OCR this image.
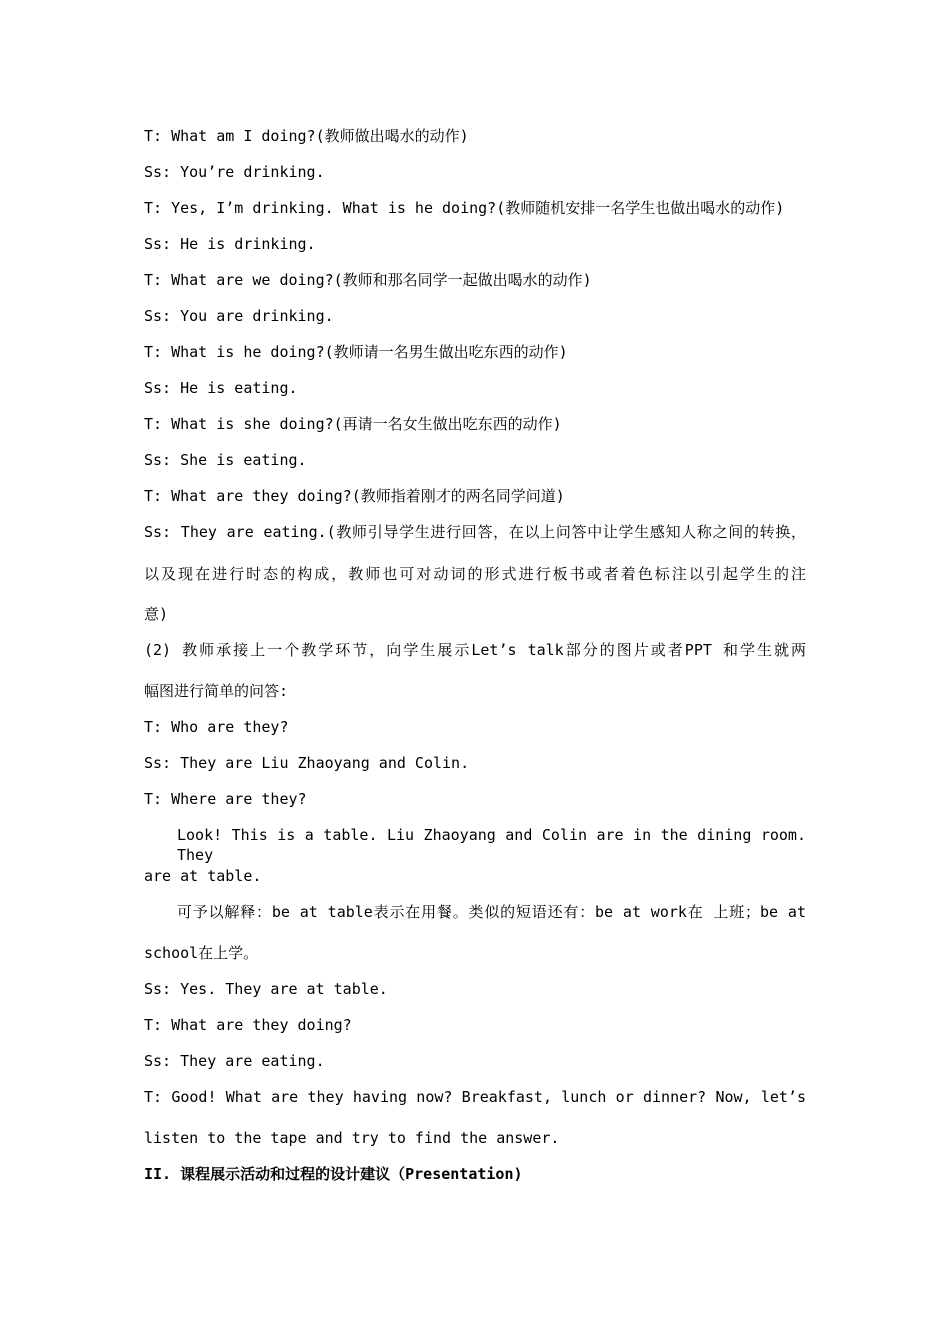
T: What am I doing?(教师做出喝水的动作)

Ss: You’re drinking.

T: Yes, I’m drinking. What is he doing?(教师随机安排一名学生也做出喝水的动作)

Ss: He is drinking.

T: What are we doing?(教师和那名同学一起做出喝水的动作)

Ss: You are drinking.

T: What is he doing?(教师请一名男生做出吃东西的动作)

Ss: He is eating.

T: What is she doing?(再请一名女生做出吃东西的动作)

Ss: She is eating.

T: What are they doing?(教师指着刚才的两名同学问道)

Ss: They are eating.(教师引导学生进行回答，在以上问答中让学生感知人称之间的转换，

以及现在进行时态的构成，教师也可对动词的形式进行板书或者着色标注以引起学生的注

意)

(2) 教师承接上一个教学环节，向学生展示Let’s talk部分的图片或者PPT 和学生就两

幅图进行简单的问答:

T: Who are they?

Ss: They are Liu Zhaoyang and Colin.

T: Where are they?

Look! This is a table. Liu Zhaoyang and Colin are in the dining room. They

are at table.

可予以解释：be at table表示在用餐。类似的短语还有：be at work在 上班；be at

school在上学。

Ss: Yes. They are at table.

T: What are they doing?

Ss: They are eating.

T: Good! What are they having now? Breakfast, lunch or dinner? Now, let’s

listen to the tape and try to find the answer.

II. 课程展示活动和过程的设计建议（Presentation)
